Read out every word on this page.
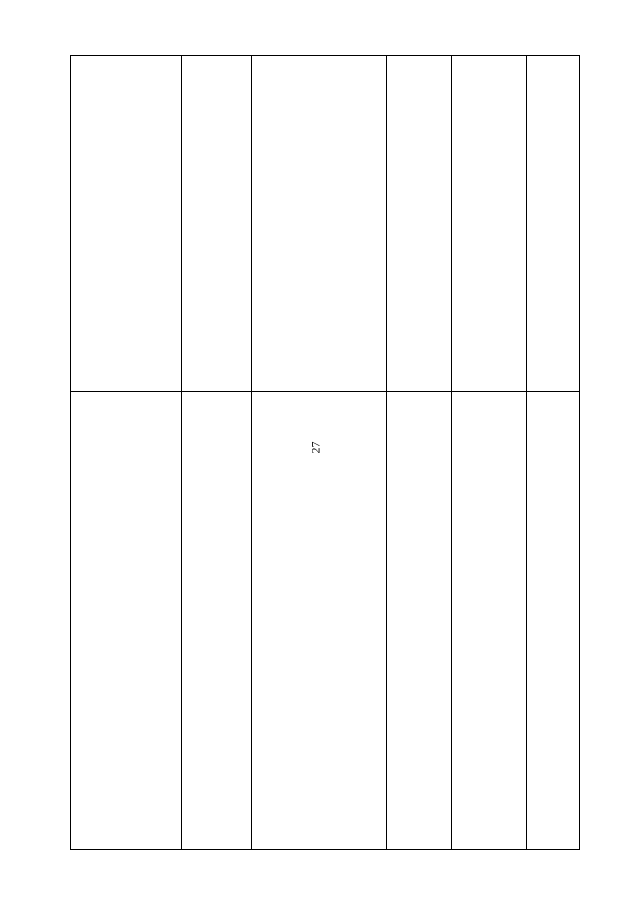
27
